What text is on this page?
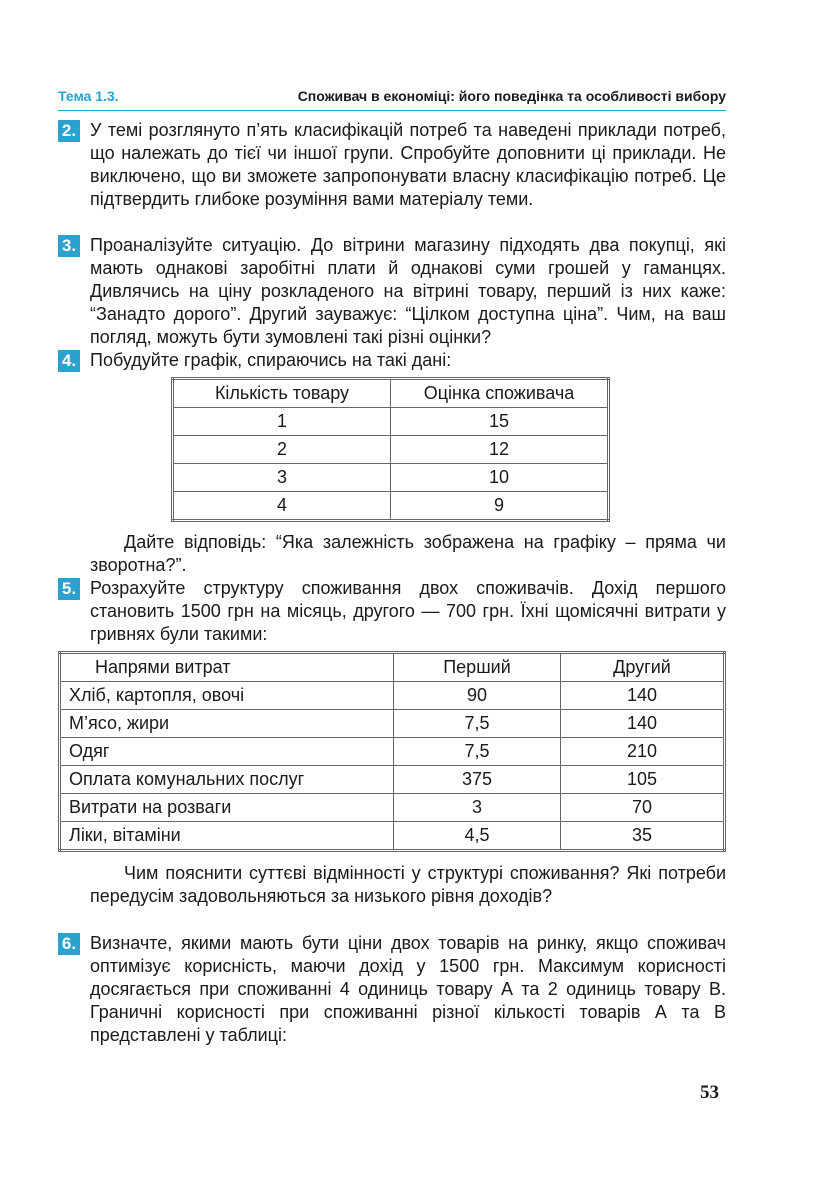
Тема 1.3.	Споживач в економіці: його поведінка та особливості вибору
2. У темі розглянуто п’ять класифікацій потреб та наведені приклади потреб, що належать до тієї чи іншої групи. Спробуйте доповнити ці приклади. Не виключено, що ви зможете запропонувати власну класифікацію потреб. Це підтвердить глибоке розуміння вами матеріалу теми.
3. Проаналізуйте ситуацію. До вітрини магазину підходять два покупці, які мають однакові заробітні плати й однакові суми грошей у гаманцях. Дивлячись на ціну розкладеного на вітрині товару, перший із них каже: “Занадто дорого”. Другий зауважує: “Цілком доступна ціна”. Чим, на ваш погляд, можуть бути зумовлені такі різні оцінки?
4. Побудуйте графік, спираючись на такі дані:
Кількість товару	Оцінка споживача
1	15
2	12
3	10
4	9
Дайте відповідь: “Яка залежність зображена на графіку – пряма чи зворотна?”.
5. Розрахуйте структуру споживання двох споживачів. Дохід першого становить 1500 грн на місяць, другого — 700 грн. Їхні щомісячні витрати у гривнях були такими:
Напрями витрат	Перший	Другий
Хліб, картопля, овочі	90	140
М’ясо, жири	7,5	140
Одяг	7,5	210
Оплата комунальних послуг	375	105
Витрати на розваги	3	70
Ліки, вітаміни	4,5	35
Чим пояснити суттєві відмінності у структурі споживання? Які потреби передусім задовольняються за низького рівня доходів?
6. Визначте, якими мають бути ціни двох товарів на ринку, якщо споживач оптимізує корисність, маючи дохід у 1500 грн. Максимум корисності досягається при споживанні 4 одиниць товару А та 2 одиниць товару В. Граничні корисності при споживанні різної кількості товарів А та В представлені у таблиці:
53
